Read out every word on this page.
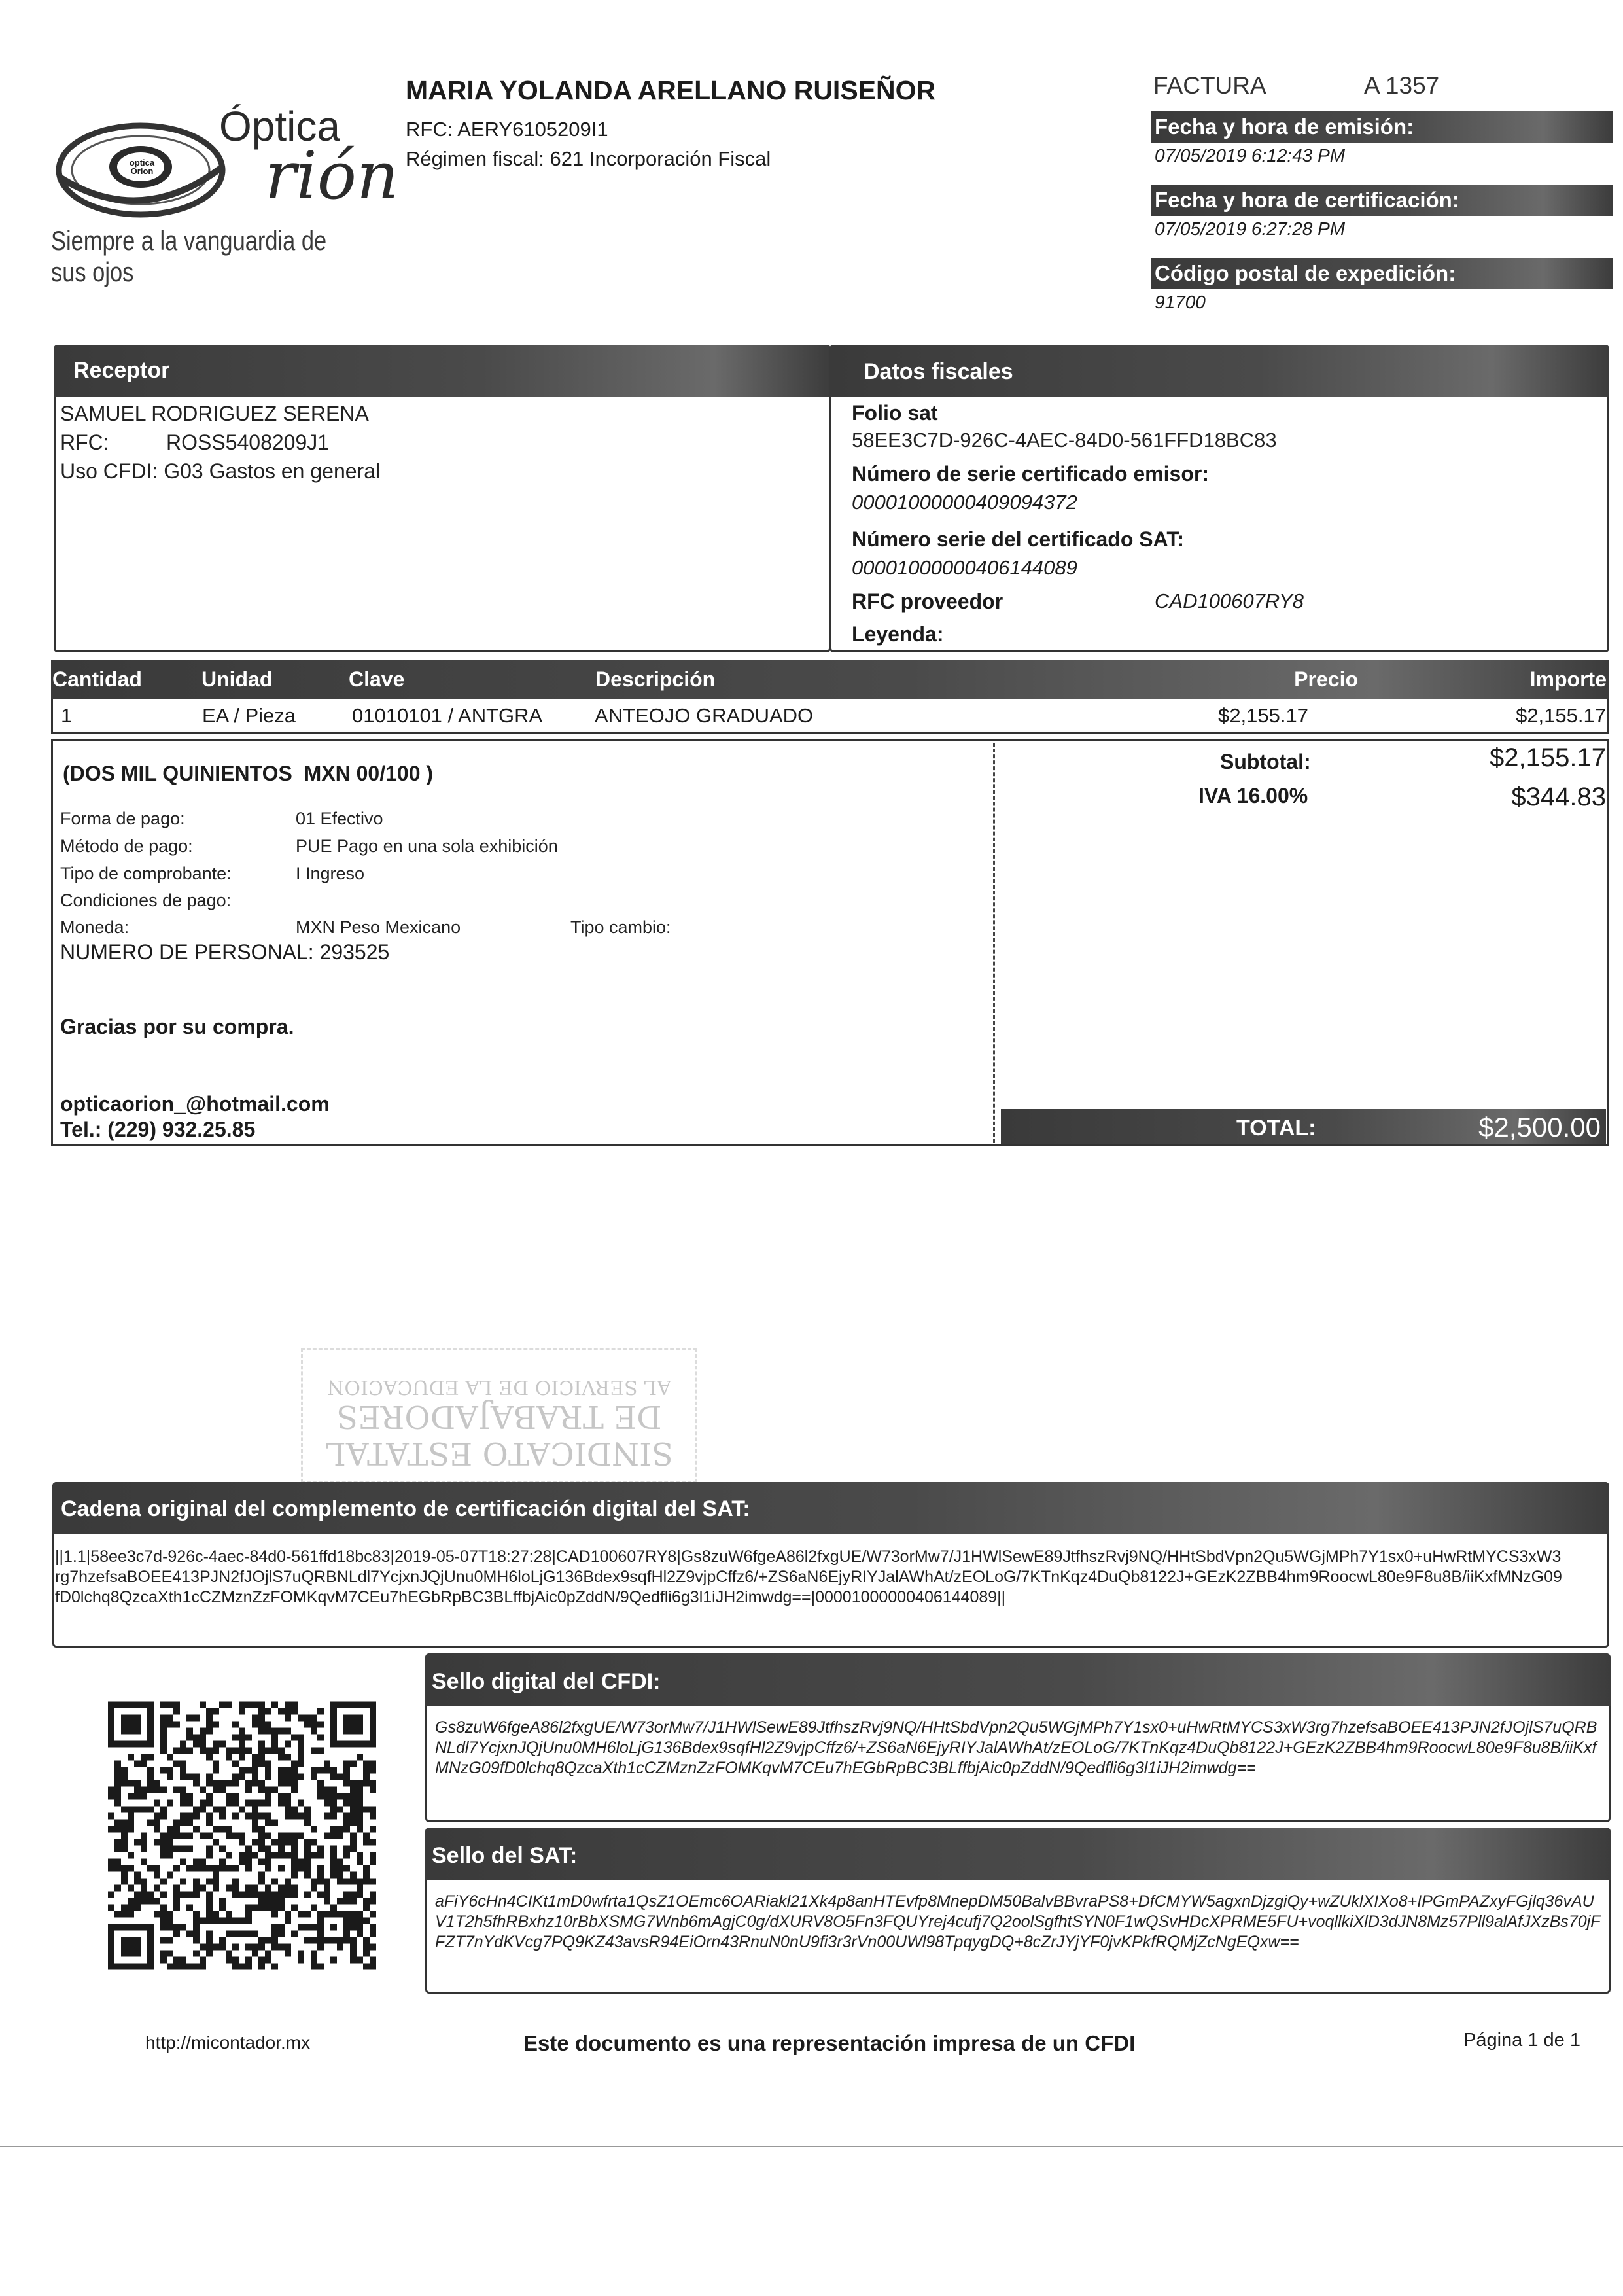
optica Orion
Óptica
rión
Siempre a la vanguardia de sus ojos
MARIA YOLANDA ARELLANO RUISEÑOR
RFC: AERY6105209I1
Régimen fiscal: 621 Incorporación Fiscal
FACTURA	A 1357
Fecha y hora de emisión:
07/05/2019 6:12:43 PM
Fecha y hora de certificación:
07/05/2019 6:27:28 PM
Código postal de expedición:
91700
Receptor
SAMUEL RODRIGUEZ SERENA
RFC:	ROSS5408209J1
Uso CFDI: G03 Gastos en general
Datos fiscales
Folio sat
58EE3C7D-926C-4AEC-84D0-561FFD18BC83
Número de serie certificado emisor:
00001000000409094372
Número serie del certificado SAT:
00001000000406144089
RFC proveedor	CAD100607RY8
Leyenda:
Cantidad	Unidad	Clave	Descripción	Precio	Importe
1	EA / Pieza	01010101 / ANTGRA	ANTEOJO GRADUADO	$2,155.17	$2,155.17
(DOS MIL QUINIENTOS  MXN 00/100 )
Forma de pago:	01 Efectivo
Método de pago:	PUE Pago en una sola exhibición
Tipo de comprobante:	I Ingreso
Condiciones de pago:
Moneda:	MXN Peso Mexicano	Tipo cambio:
NUMERO DE PERSONAL: 293525
Gracias por su compra.
opticaorion_@hotmail.com
Tel.: (229) 932.25.85
Subtotal:	$2,155.17
IVA 16.00%	$344.83
TOTAL:	$2,500.00
SINDICATO ESTATAL
DE TRABAJADORES
AL SERVICIO DE LA EDUCACION
Cadena original del complemento de certificación digital del SAT:
||1.1|58ee3c7d-926c-4aec-84d0-561ffd18bc83|2019-05-07T18:27:28|CAD100607RY8|Gs8zuW6fgeA86l2fxgUE/W73orMw7/J1HWlSewE89JtfhszRvj9NQ/HHtSbdVpn2Qu5WGjMPh7Y1sx0+uHwRtMYCS3xW3rg7hzefsaBOEE413PJN2fJOjlS7uQRBNLdl7YcjxnJQjUnu0MH6loLjG136Bdex9sqfHl2Z9vjpCffz6/+ZS6aN6EjyRIYJalAWhAt/zEOLoG/7KTnKqz4DuQb8122J+GEzK2ZBB4hm9RoocwL80e9F8u8B/iiKxfMNzG09fD0lchq8QzcaXth1cCZMznZzFOMKqvM7CEu7hEGbRpBC3BLffbjAic0pZddN/9Qedfli6g3l1iJH2imwdg==|00001000000406144089||
Sello digital del CFDI:
Gs8zuW6fgeA86l2fxgUE/W73orMw7/J1HWlSewE89JtfhszRvj9NQ/HHtSbdVpn2Qu5WGjMPh7Y1sx0+uHwRtMYCS3xW3rg7hzefsaBOEE413PJN2fJOjlS7uQRBNLdl7YcjxnJQjUnu0MH6loLjG136Bdex9sqfHl2Z9vjpCffz6/+ZS6aN6EjyRIYJalAWhAt/zEOLoG/7KTnKqz4DuQb8122J+GEzK2ZBB4hm9RoocwL80e9F8u8B/iiKxfMNzG09fD0lchq8QzcaXth1cCZMznZzFOMKqvM7CEu7hEGbRpBC3BLffbjAic0pZddN/9Qedfli6g3l1iJH2imwdg==
Sello del SAT:
aFiY6cHn4CIKt1mD0wfrta1QsZ1OEmc6OARiakl21Xk4p8anHTEvfp8MnepDM50BalvBBvraPS8+DfCMYW5agxnDjzgiQy+wZUklXIXo8+IPGmPAZxyFGjlq36vAUV1T2h5fhRBxhz10rBbXSMG7Wnb6mAgjC0g/dXURV8O5Fn3FQUYrej4cufj7Q2oolSgfhtSYN0F1wQSvHDcXPRME5FU+voqllkiXlD3dJN8Mz57Pll9alAfJXzBs70jFFZT7nYdKVcg7PQ9KZ43avsR94EiOrn43RnuN0nU9fi3r3rVn00UWl98TpqygDQ+8cZrJYjYF0jvKPkfRQMjZcNgEQxw==
http://micontador.mx	Este documento es una representación impresa de un CFDI	Página 1 de 1
